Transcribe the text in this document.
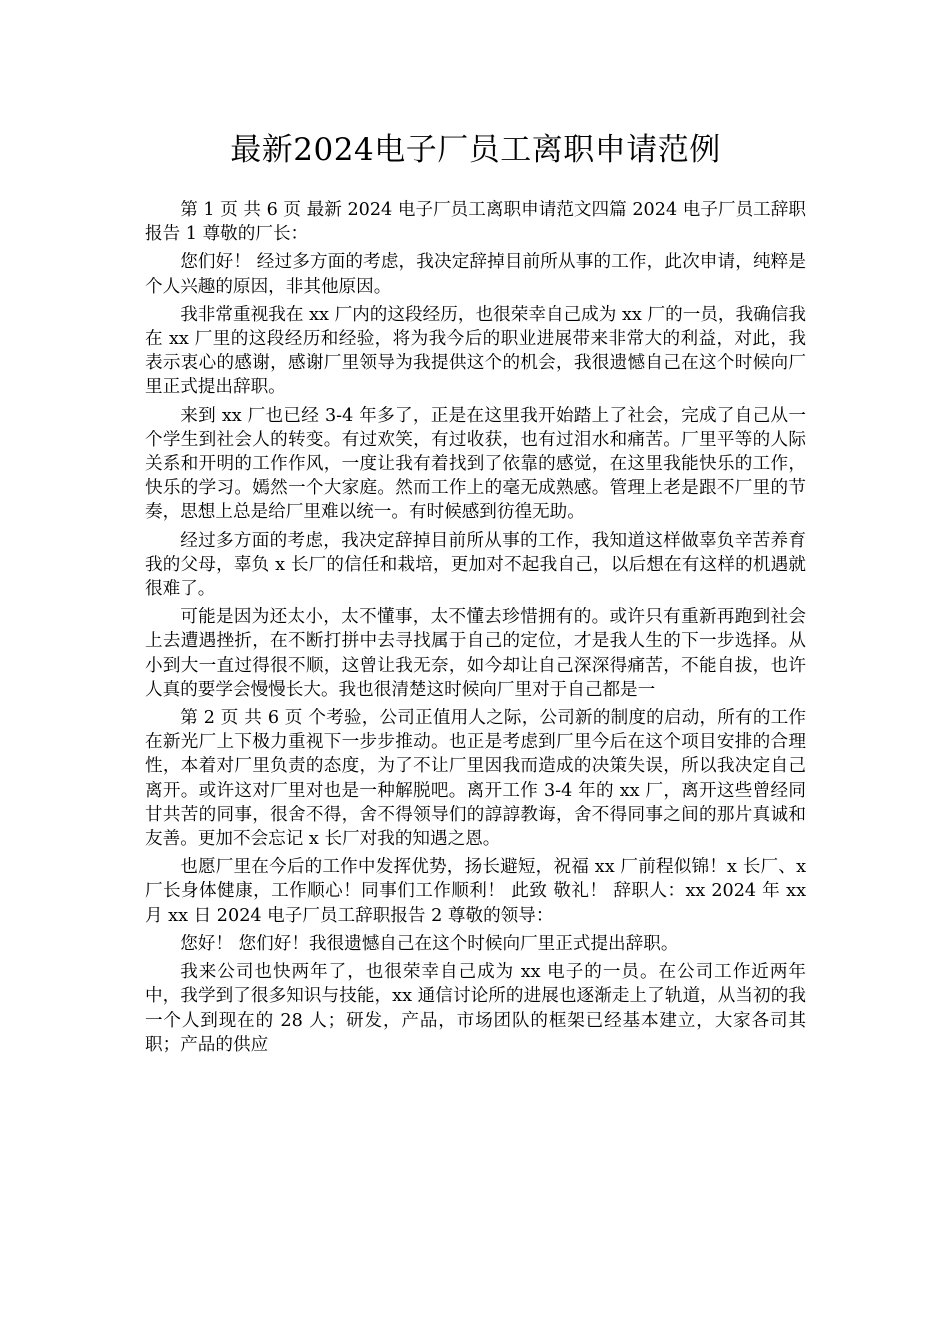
最新2024电子厂员工离职申请范例

第 1 页 共 6 页 最新 2024 电子厂员工离职申请范文四篇 2024 电子厂员工辞职报告 1 尊敬的厂长：

您们好！ 经过多方面的考虑，我决定辞掉目前所从事的工作，此次申请，纯粹是个人兴趣的原因，非其他原因。

我非常重视我在 xx 厂内的这段经历，也很荣幸自己成为 xx 厂的一员，我确信我在 xx 厂里的这段经历和经验，将为我今后的职业进展带来非常大的利益，对此，我表示衷心的感谢，感谢厂里领导为我提供这个的机会，我很遗憾自己在这个时候向厂里正式提出辞职。

来到 xx 厂也已经 3-4 年多了，正是在这里我开始踏上了社会，完成了自己从一个学生到社会人的转变。有过欢笑，有过收获，也有过泪水和痛苦。厂里平等的人际关系和开明的工作作风，一度让我有着找到了依靠的感觉，在这里我能快乐的工作，快乐的学习。嫣然一个大家庭。然而工作上的毫无成熟感。管理上老是跟不厂里的节奏，思想上总是给厂里难以统一。有时候感到彷徨无助。

经过多方面的考虑，我决定辞掉目前所从事的工作，我知道这样做辜负辛苦养育我的父母，辜负 x 长厂的信任和栽培，更加对不起我自己，以后想在有这样的机遇就很难了。

可能是因为还太小，太不懂事，太不懂去珍惜拥有的。或许只有重新再跑到社会上去遭遇挫折，在不断打拼中去寻找属于自己的定位，才是我人生的下一步选择。从小到大一直过得很不顺，这曾让我无奈，如今却让自己深深得痛苦，不能自拔，也许人真的要学会慢慢长大。我也很清楚这时候向厂里对于自己都是一

第 2 页 共 6 页 个考验，公司正值用人之际，公司新的制度的启动，所有的工作在新光厂上下极力重视下一步步推动。也正是考虑到厂里今后在这个项目安排的合理性，本着对厂里负责的态度，为了不让厂里因我而造成的决策失误，所以我决定自己离开。或许这对厂里对也是一种解脱吧。离开工作 3-4 年的 xx 厂，离开这些曾经同甘共苦的同事，很舍不得，舍不得领导们的諄諄教诲，舍不得同事之间的那片真诚和友善。更加不会忘记 x 长厂对我的知遇之恩。

也愿厂里在今后的工作中发挥优势，扬长避短，祝福 xx 厂前程似锦！x 长厂、x 厂长身体健康，工作顺心！同事们工作顺利！ 此致 敬礼！ 辞职人：xx 2024 年 xx 月 xx 日 2024 电子厂员工辞职报告 2 尊敬的领导：

您好！ 您们好！我很遗憾自己在这个时候向厂里正式提出辞职。

我来公司也快两年了，也很荣幸自己成为 xx 电子的一员。在公司工作近两年中，我学到了很多知识与技能，xx 通信讨论所的进展也逐渐走上了轨道，从当初的我一个人到现在的 28 人；研发，产品，市场团队的框架已经基本建立，大家各司其职；产品的供应
